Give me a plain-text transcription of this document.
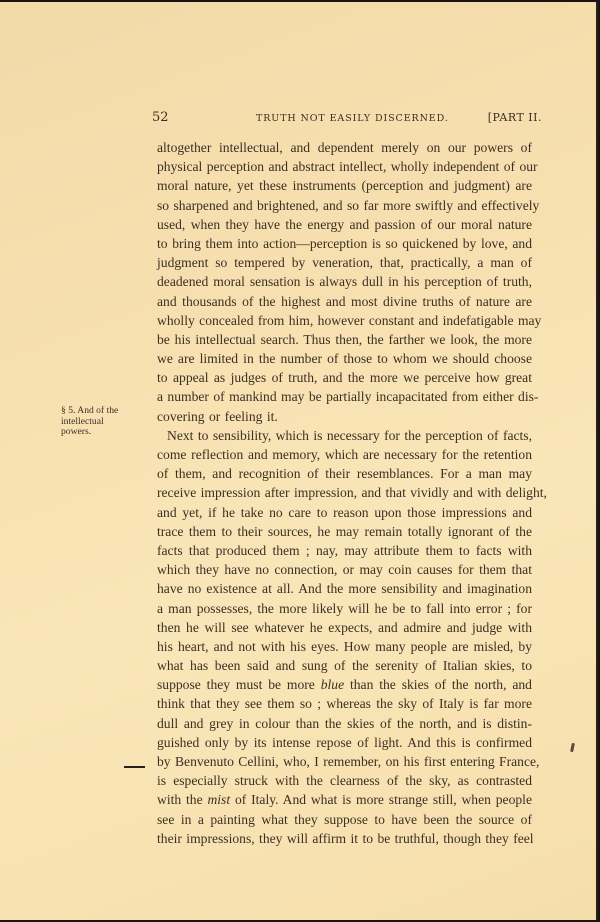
52	TRUTH NOT EASILY DISCERNED.	[PART II.
§ 5. And of the
intellectual
powers.
altogether intellectual, and dependent merely on our powers of
physical perception and abstract intellect, wholly independent of our
moral nature, yet these instruments (perception and judgment) are
so sharpened and brightened, and so far more swiftly and effectively
used, when they have the energy and passion of our moral nature
to bring them into action—perception is so quickened by love, and
judgment so tempered by veneration, that, practically, a man of
deadened moral sensation is always dull in his perception of truth,
and thousands of the highest and most divine truths of nature are
wholly concealed from him, however constant and indefatigable may
be his intellectual search. Thus then, the farther we look, the more
we are limited in the number of those to whom we should choose
to appeal as judges of truth, and the more we perceive how great
a number of mankind may be partially incapacitated from either dis-
covering or feeling it.
Next to sensibility, which is necessary for the perception of facts,
come reflection and memory, which are necessary for the retention
of them, and recognition of their resemblances. For a man may
receive impression after impression, and that vividly and with delight,
and yet, if he take no care to reason upon those impressions and
trace them to their sources, he may remain totally ignorant of the
facts that produced them ; nay, may attribute them to facts with
which they have no connection, or may coin causes for them that
have no existence at all. And the more sensibility and imagination
a man possesses, the more likely will he be to fall into error ; for
then he will see whatever he expects, and admire and judge with
his heart, and not with his eyes. How many people are misled, by
what has been said and sung of the serenity of Italian skies, to
suppose they must be more blue than the skies of the north, and
think that they see them so ; whereas the sky of Italy is far more
dull and grey in colour than the skies of the north, and is distin-
guished only by its intense repose of light. And this is confirmed
by Benvenuto Cellini, who, I remember, on his first entering France,
is especially struck with the clearness of the sky, as contrasted
with the mist of Italy. And what is more strange still, when people
see in a painting what they suppose to have been the source of
their impressions, they will affirm it to be truthful, though they feel
